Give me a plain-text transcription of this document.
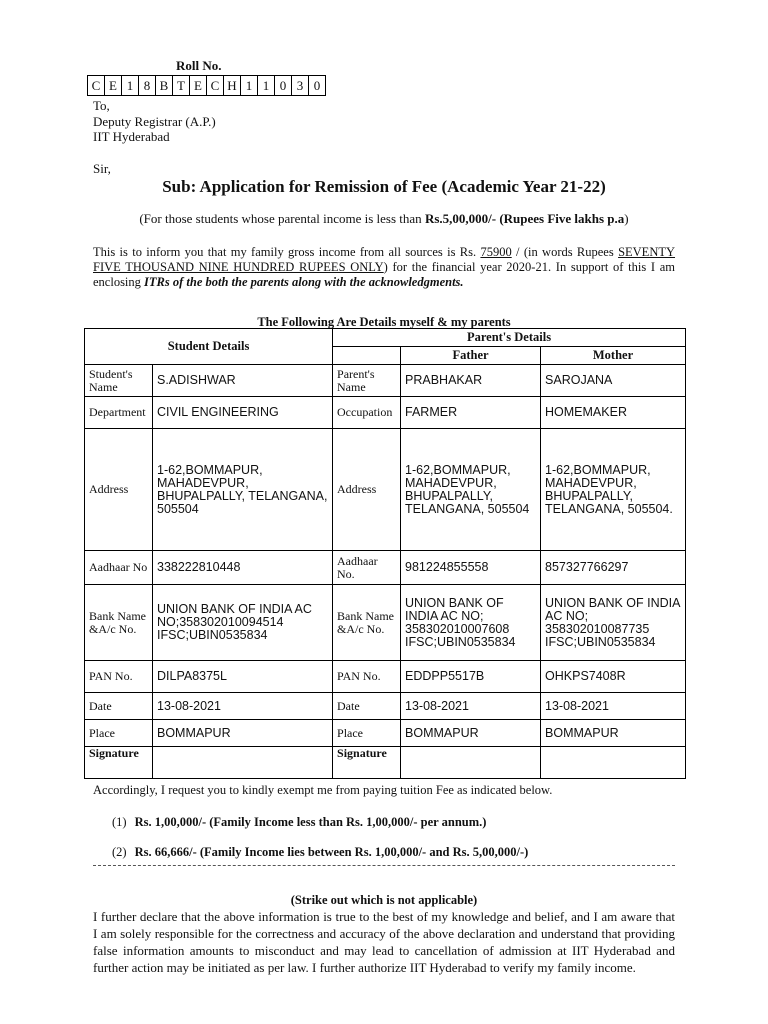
Roll No.
C E 1 8 B T E C H 1 1 0 3 0
To,
Deputy Registrar (A.P.)
IIT Hyderabad
Sir,
Sub: Application for Remission of Fee (Academic Year 21-22)
(For those students whose parental income is less than Rs.5,00,000/- (Rupees Five lakhs p.a)
This is to inform you that my family gross income from all sources is Rs. 75900 / (in words Rupees SEVENTY FIVE THOUSAND NINE HUNDRED RUPEES ONLY) for the financial year 2020-21. In support of this I am enclosing ITRs of the both the parents along with the acknowledgments.
The Following Are Details myself & my parents
Student Details		Parent's Details		
			Father	Mother
Student's Name	S.ADISHWAR	Parent's Name	PRABHAKAR	SAROJANA
Department	CIVIL ENGINEERING	Occupation	FARMER	HOMEMAKER
Address	1-62,BOMMAPUR, MAHADEVPUR, BHUPALPALLY, TELANGANA, 505504	Address	1-62,BOMMAPUR, MAHADEVPUR, BHUPALPALLY, TELANGANA, 505504	1-62,BOMMAPUR, MAHADEVPUR, BHUPALPALLY, TELANGANA, 505504.
Aadhaar No	338222810448	Aadhaar No.	981224855558	857327766297
Bank Name &A/c No.	UNION BANK OF INDIA AC NO;358302010094514 IFSC;UBIN0535834	Bank Name &A/c No.	UNION BANK OF INDIA AC NO; 358302010007608 IFSC;UBIN0535834	UNION BANK OF INDIA AC NO; 358302010087735 IFSC;UBIN0535834
PAN No.	DILPA8375L	PAN No.	EDDPP5517B	OHKPS7408R
Date	13-08-2021	Date	13-08-2021	13-08-2021
Place	BOMMAPUR	Place	BOMMAPUR	BOMMAPUR
Signature		Signature		
Accordingly, I request you to kindly exempt me from paying tuition Fee as indicated below.
(1) Rs. 1,00,000/- (Family Income less than Rs. 1,00,000/- per annum.)
(2) Rs. 66,666/- (Family Income lies between Rs. 1,00,000/- and Rs. 5,00,000/-)
(Strike out which is not applicable)
I further declare that the above information is true to the best of my knowledge and belief, and I am aware that I am solely responsible for the correctness and accuracy of the above declaration and understand that providing false information amounts to misconduct and may lead to cancellation of admission at IIT Hyderabad and further action may be initiated as per law. I further authorize IIT Hyderabad to verify my family income.
